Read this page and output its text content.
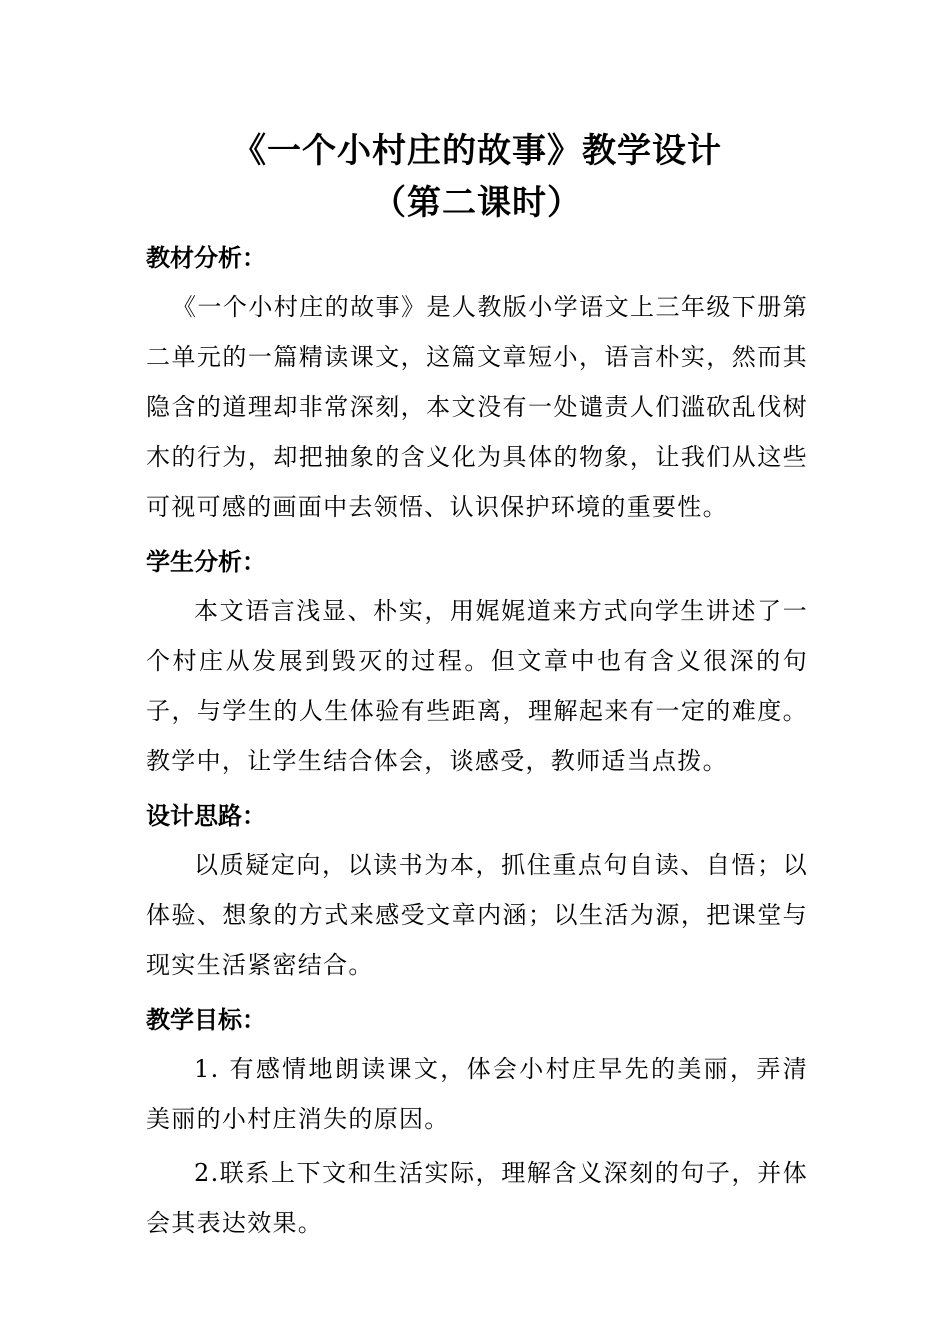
《一个小村庄的故事》教学设计
（第二课时）
教材分析：

《一个小村庄的故事》是人教版小学语文上三年级下册第二单元的一篇精读课文，这篇文章短小，语言朴实，然而其隐含的道理却非常深刻，本文没有一处谴责人们滥砍乱伐树木的行为，却把抽象的含义化为具体的物象，让我们从这些可视可感的画面中去领悟、认识保护环境的重要性。

学生分析：

本文语言浅显、朴实，用娓娓道来方式向学生讲述了一个村庄从发展到毁灭的过程。但文章中也有含义很深的句子，与学生的人生体验有些距离，理解起来有一定的难度。教学中，让学生结合体会，谈感受，教师适当点拨。

设计思路：

以质疑定向，以读书为本，抓住重点句自读、自悟；以体验、想象的方式来感受文章内涵；以生活为源，把课堂与现实生活紧密结合。

教学目标：

1. 有感情地朗读课文，体会小村庄早先的美丽，弄清美丽的小村庄消失的原因。

2.联系上下文和生活实际，理解含义深刻的句子，并体会其表达效果。
